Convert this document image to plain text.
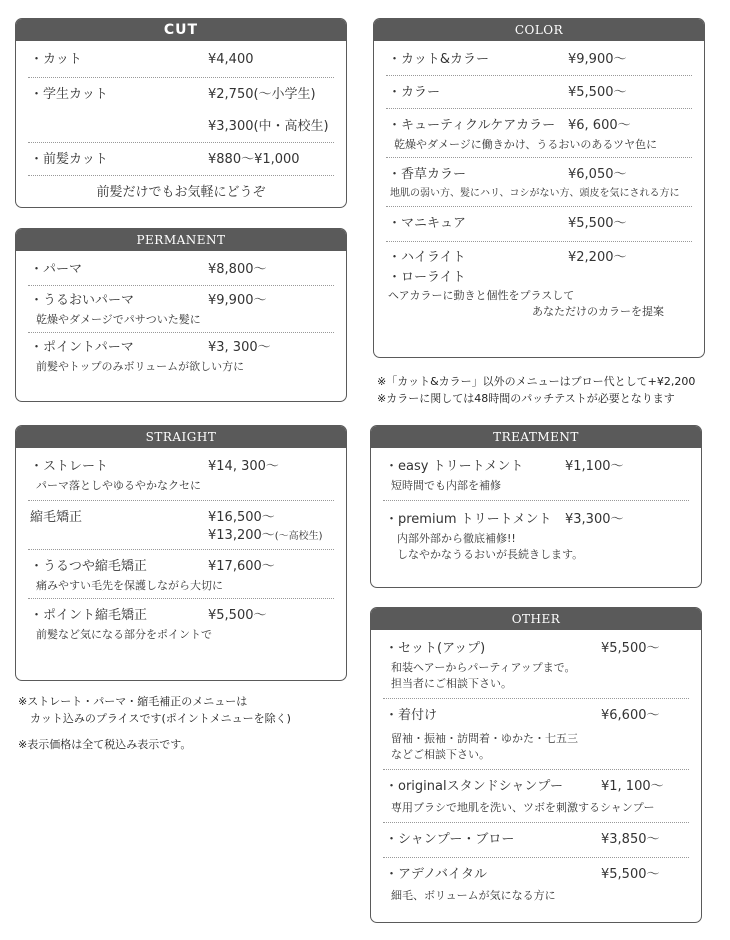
CUT
・カット	¥4,400
・学生カット	¥2,750(〜小学生)
¥3,300(中・高校生)
・前髪カット	¥880〜¥1,000
前髪だけでもお気軽にどうぞ
PERMANENT
・パーマ	¥8,800〜
・うるおいパーマ	¥9,900〜
乾燥やダメージでパサついた髪に
・ポイントパーマ	¥3, 300〜
前髪やトップのみボリュームが欲しい方に
STRAIGHT
・ストレート	¥14, 300〜
パーマ落としやゆるやかなクセに
縮毛矯正	¥16,500〜
¥13,200〜(〜高校生)
・うるつや縮毛矯正	¥17,600〜
痛みやすい毛先を保護しながら大切に
・ポイント縮毛矯正	¥5,500〜
前髪など気になる部分をポイントで
※ストレート・パーマ・縮毛補正のメニューは
カット込みのプライスです(ポイントメニューを除く)
※表示価格は全て税込み表示です。
COLOR
・カット&カラー	¥9,900〜
・カラー	¥5,500〜
・キューティクルケアカラー ¥6, 600〜
乾燥やダメージに働きかけ、うるおいのあるツヤ色に
・香草カラー	¥6,050〜
地肌の弱い方、髪にハリ、コシがない方、頭皮を気にされる方に
・マニキュア	¥5,500〜
・ハイライト	¥2,200〜
・ローライト
ヘアカラーに動きと個性をプラスして
あなただけのカラーを提案
※「カット&カラー」以外のメニューはブロー代として+¥2,200
※カラーに関しては48時間のパッチテストが必要となります
TREATMENT
・easy トリートメント	¥1,100〜
短時間でも内部を補修
・premium トリートメント ¥3,300〜
内部外部から徹底補修!!
しなやかなうるおいが長続きします。
OTHER
・セット(アップ)	¥5,500〜
和装ヘアーからパーティアップまで。
担当者にご相談下さい。
・着付け	¥6,600〜
留袖・振袖・訪問着・ゆかた・七五三
などご相談下さい。
・originalスタンドシャンプー	¥1, 100〜
専用ブラシで地肌を洗い、ツボを刺激するシャンプー
・シャンプー・ブロー	¥3,850〜
・アデノバイタル	¥5,500〜
細毛、ボリュームが気になる方に
